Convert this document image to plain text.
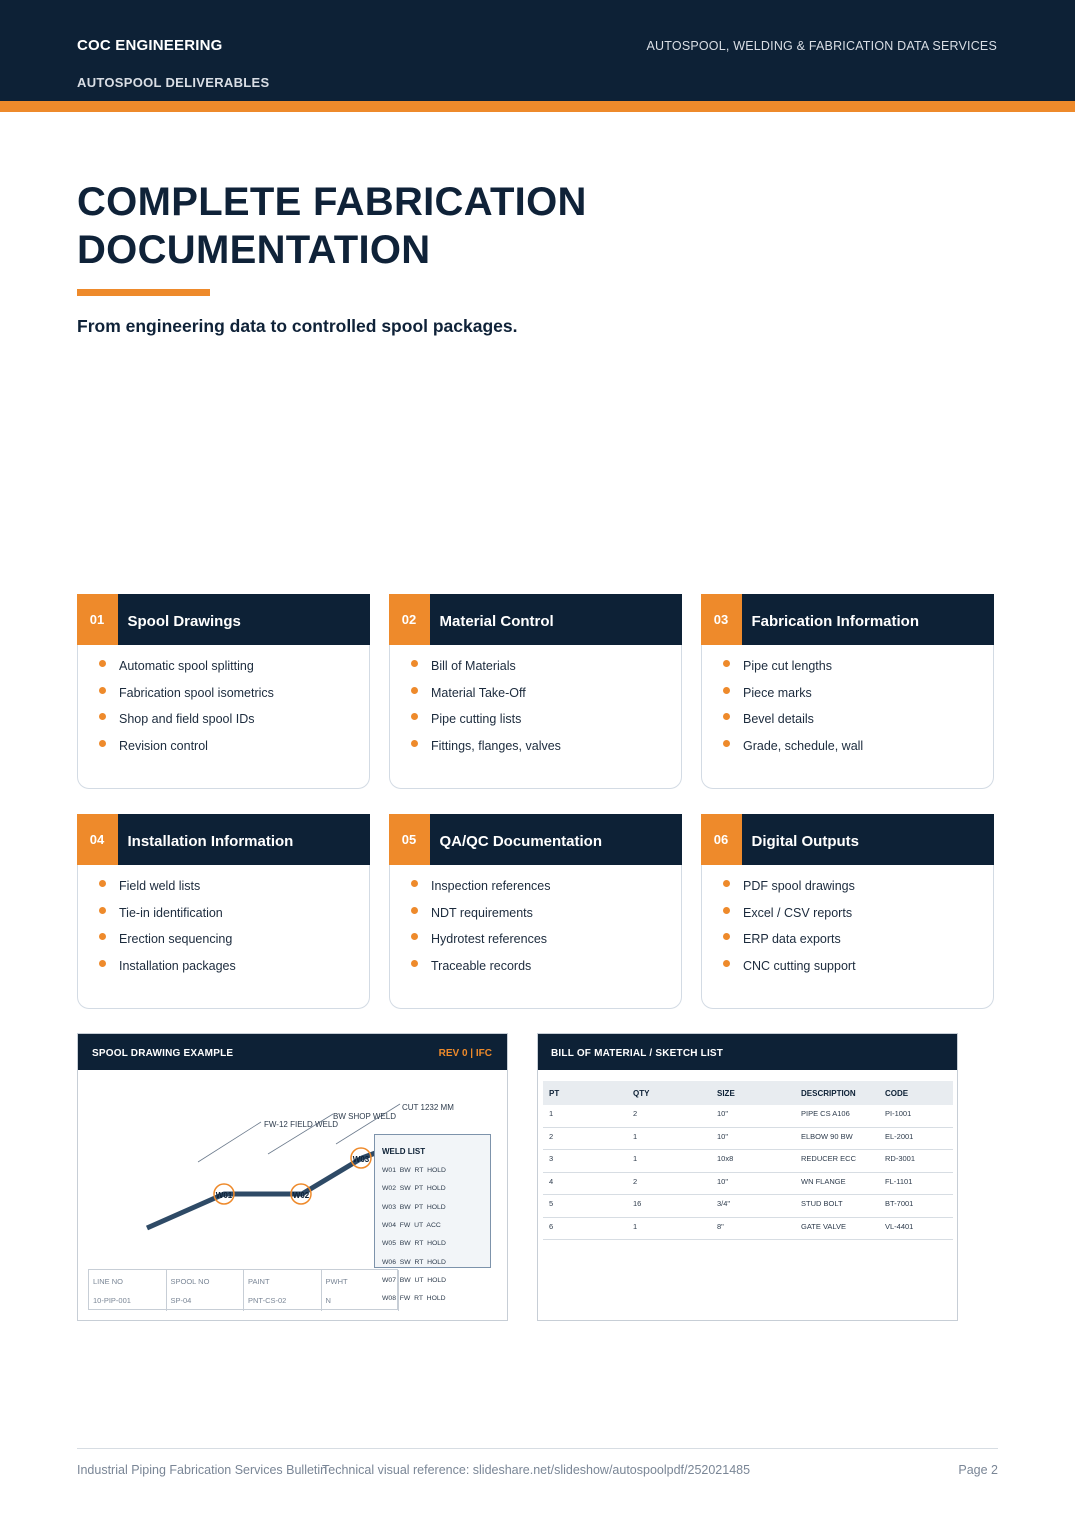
COC ENGINEERING
AUTOSPOOL DELIVERABLES
AUTOSPOOL, WELDING & FABRICATION DATA SERVICES
COMPLETE FABRICATION
DOCUMENTATION
From engineering data to controlled spool packages.
01	Spool Drawings
Automatic spool splitting
Fabrication spool isometrics
Shop and field spool IDs
Revision control
02	Material Control
Bill of Materials
Material Take-Off
Pipe cutting lists
Fittings, flanges, valves
03	Fabrication Information
Pipe cut lengths
Piece marks
Bevel details
Grade, schedule, wall
04	Installation Information
Field weld lists
Tie-in identification
Erection sequencing
Installation packages
05	QA/QC Documentation
Inspection references
NDT requirements
Hydrotest references
Traceable records
06	Digital Outputs
PDF spool drawings
Excel / CSV reports
ERP data exports
CNC cutting support
SPOOL DRAWING EXAMPLE	REV 0 | IFC
W01	W02
W03
CUT 1232 MM
BW SHOP WELD
FW-12 FIELD WELD
WELD LIST
W01  BW  RT  HOLD
W02  SW  PT  HOLD
W03  BW  PT  HOLD
W04  FW  UT  ACC
W05  BW  RT  HOLD
W06  SW  RT  HOLD
W07  BW  UT  HOLD
W08  FW  RT  HOLD
LINE NO
10-PIP-001
SPOOL NO
SP-04
PAINT
PNT-CS-02
PWHT
N
BILL OF MATERIAL / SKETCH LIST
PT	QTY	SIZE	DESCRIPTION	CODE
1	2	10"	PIPE CS A106	PI-1001
2	1	10"	ELBOW 90 BW	EL-2001
3	1	10x8	REDUCER ECC	RD-3001
4	2	10"	WN FLANGE	FL-1101
5	16	3/4"	STUD BOLT	BT-7001
6	1	8"	GATE VALVE	VL-4401
Industrial Piping Fabrication Services Bulletin
Technical visual reference: slideshare.net/slideshow/autospoolpdf/252021485	Page 2
